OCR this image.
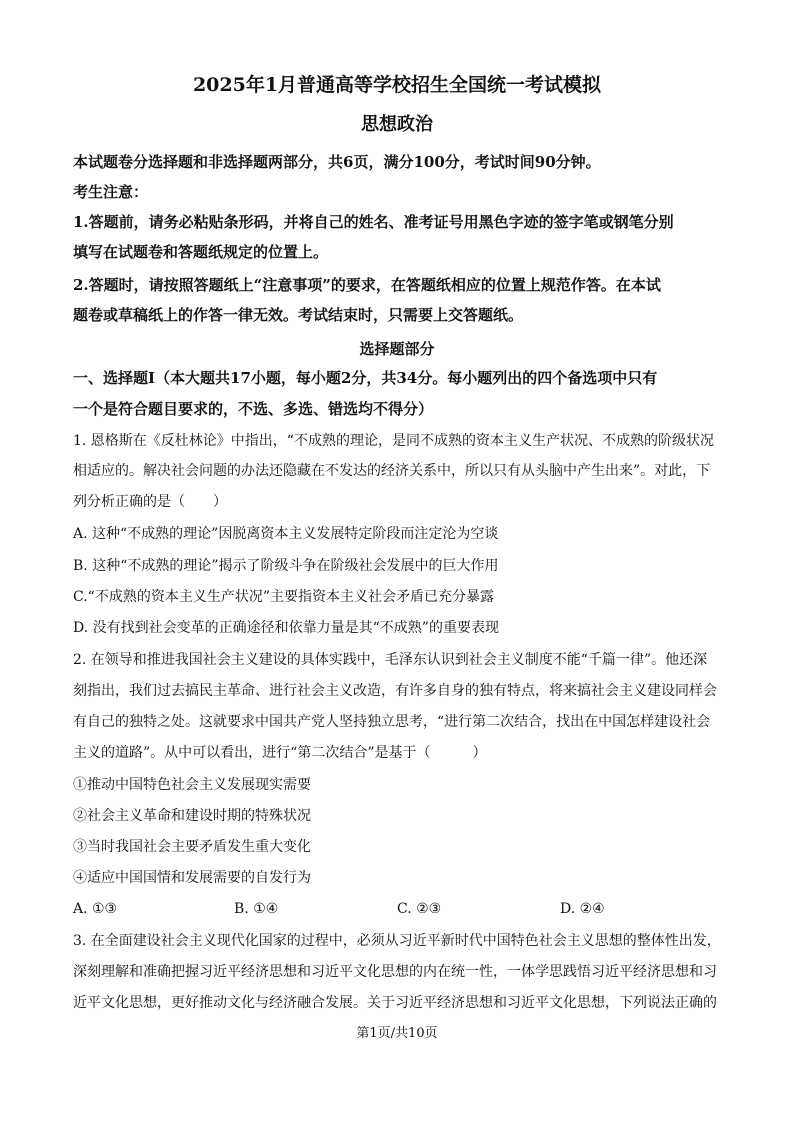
2025年1月普通高等学校招生全国统一考试模拟
思想政治
本试题卷分选择题和非选择题两部分，共6页，满分100分，考试时间90分钟。
考生注意：
1.答题前，请务必粘贴条形码，并将自己的姓名、准考证号用黑色字迹的签字笔或钢笔分别
填写在试题卷和答题纸规定的位置上。
2.答题时，请按照答题纸上“注意事项”的要求，在答题纸相应的位置上规范作答。在本试
题卷或草稿纸上的作答一律无效。考试结束时，只需要上交答题纸。
选择题部分
一、选择题Ⅰ（本大题共17小题，每小题2分，共34分。每小题列出的四个备选项中只有
一个是符合题目要求的，不选、多选、错选均不得分）
1. 恩格斯在《反杜林论》中指出，“不成熟的理论，是同不成熟的资本主义生产状况、不成熟的阶级状况
相适应的。解决社会问题的办法还隐藏在不发达的经济关系中，所以只有从头脑中产生出来”。对此，下
列分析正确的是（　　）
A. 这种“不成熟的理论”因脱离资本主义发展特定阶段而注定沦为空谈
B. 这种“不成熟的理论”揭示了阶级斗争在阶级社会发展中的巨大作用
C.“不成熟的资本主义生产状况”主要指资本主义社会矛盾已充分暴露
D. 没有找到社会变革的正确途径和依靠力量是其“不成熟”的重要表现
2. 在领导和推进我国社会主义建设的具体实践中，毛泽东认识到社会主义制度不能“千篇一律”。他还深
刻指出，我们过去搞民主革命、进行社会主义改造，有许多自身的独有特点，将来搞社会主义建设同样会
有自己的独特之处。这就要求中国共产党人坚持独立思考，“进行第二次结合，找出在中国怎样建设社会
主义的道路”。从中可以看出，进行“第二次结合”是基于（　　　）
①推动中国特色社会主义发展现实需要
②社会主义革命和建设时期的特殊状况
③当时我国社会主要矛盾发生重大变化
④适应中国国情和发展需要的自发行为
A. ①③	B. ①④	C. ②③	D. ②④
3. 在全面建设社会主义现代化国家的过程中，必须从习近平新时代中国特色社会主义思想的整体性出发，
深刻理解和准确把握习近平经济思想和习近平文化思想的内在统一性，一体学思践悟习近平经济思想和习
近平文化思想，更好推动文化与经济融合发展。关于习近平经济思想和习近平文化思想，下列说法正确的
第1页/共10页
